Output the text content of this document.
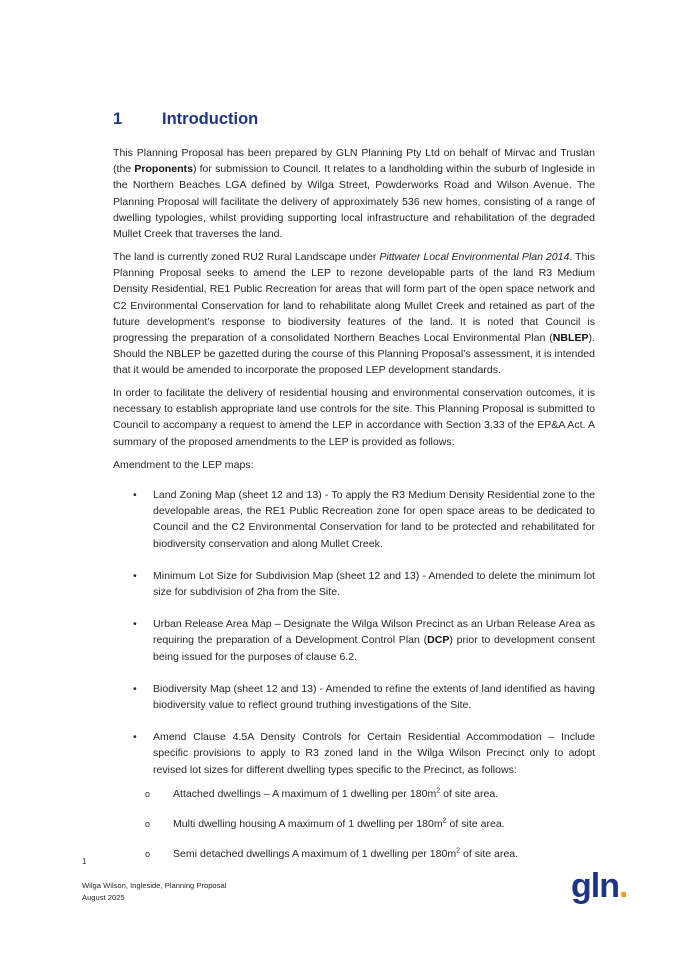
1 Introduction
This Planning Proposal has been prepared by GLN Planning Pty Ltd on behalf of Mirvac and Truslan (the Proponents) for submission to Council. It relates to a landholding within the suburb of Ingleside in the Northern Beaches LGA defined by Wilga Street, Powderworks Road and Wilson Avenue. The Planning Proposal will facilitate the delivery of approximately 536 new homes, consisting of a range of dwelling typologies, whilst providing supporting local infrastructure and rehabilitation of the degraded Mullet Creek that traverses the land.
The land is currently zoned RU2 Rural Landscape under Pittwater Local Environmental Plan 2014. This Planning Proposal seeks to amend the LEP to rezone developable parts of the land R3 Medium Density Residential, RE1 Public Recreation for areas that will form part of the open space network and C2 Environmental Conservation for land to rehabilitate along Mullet Creek and retained as part of the future development’s response to biodiversity features of the land. It is noted that Council is progressing the preparation of a consolidated Northern Beaches Local Environmental Plan (NBLEP). Should the NBLEP be gazetted during the course of this Planning Proposal’s assessment, it is intended that it would be amended to incorporate the proposed LEP development standards.
In order to facilitate the delivery of residential housing and environmental conservation outcomes, it is necessary to establish appropriate land use controls for the site. This Planning Proposal is submitted to Council to accompany a request to amend the LEP in accordance with Section 3.33 of the EP&A Act. A summary of the proposed amendments to the LEP is provided as follows:
Amendment to the LEP maps:
• Land Zoning Map (sheet 12 and 13) - To apply the R3 Medium Density Residential zone to the developable areas, the RE1 Public Recreation zone for open space areas to be dedicated to Council and the C2 Environmental Conservation for land to be protected and rehabilitated for biodiversity conservation and along Mullet Creek.
• Minimum Lot Size for Subdivision Map (sheet 12 and 13) - Amended to delete the minimum lot size for subdivision of 2ha from the Site.
• Urban Release Area Map – Designate the Wilga Wilson Precinct as an Urban Release Area as requiring the preparation of a Development Control Plan (DCP) prior to development consent being issued for the purposes of clause 6.2.
• Biodiversity Map (sheet 12 and 13) - Amended to refine the extents of land identified as having biodiversity value to reflect ground truthing investigations of the Site.
• Amend Clause 4.5A Density Controls for Certain Residential Accommodation – Include specific provisions to apply to R3 zoned land in the Wilga Wilson Precinct only to adopt revised lot sizes for different dwelling types specific to the Precinct, as follows:
o Attached dwellings – A maximum of 1 dwelling per $180m^2$ of site area.
o Multi dwelling housing A maximum of 1 dwelling per $180m^2$ of site area.
o Semi detached dwellings A maximum of 1 dwelling per $180m^2$ of site area.
1
Wilga Wilson, Ingleside, Planning Proposal
August 2025	gln.
